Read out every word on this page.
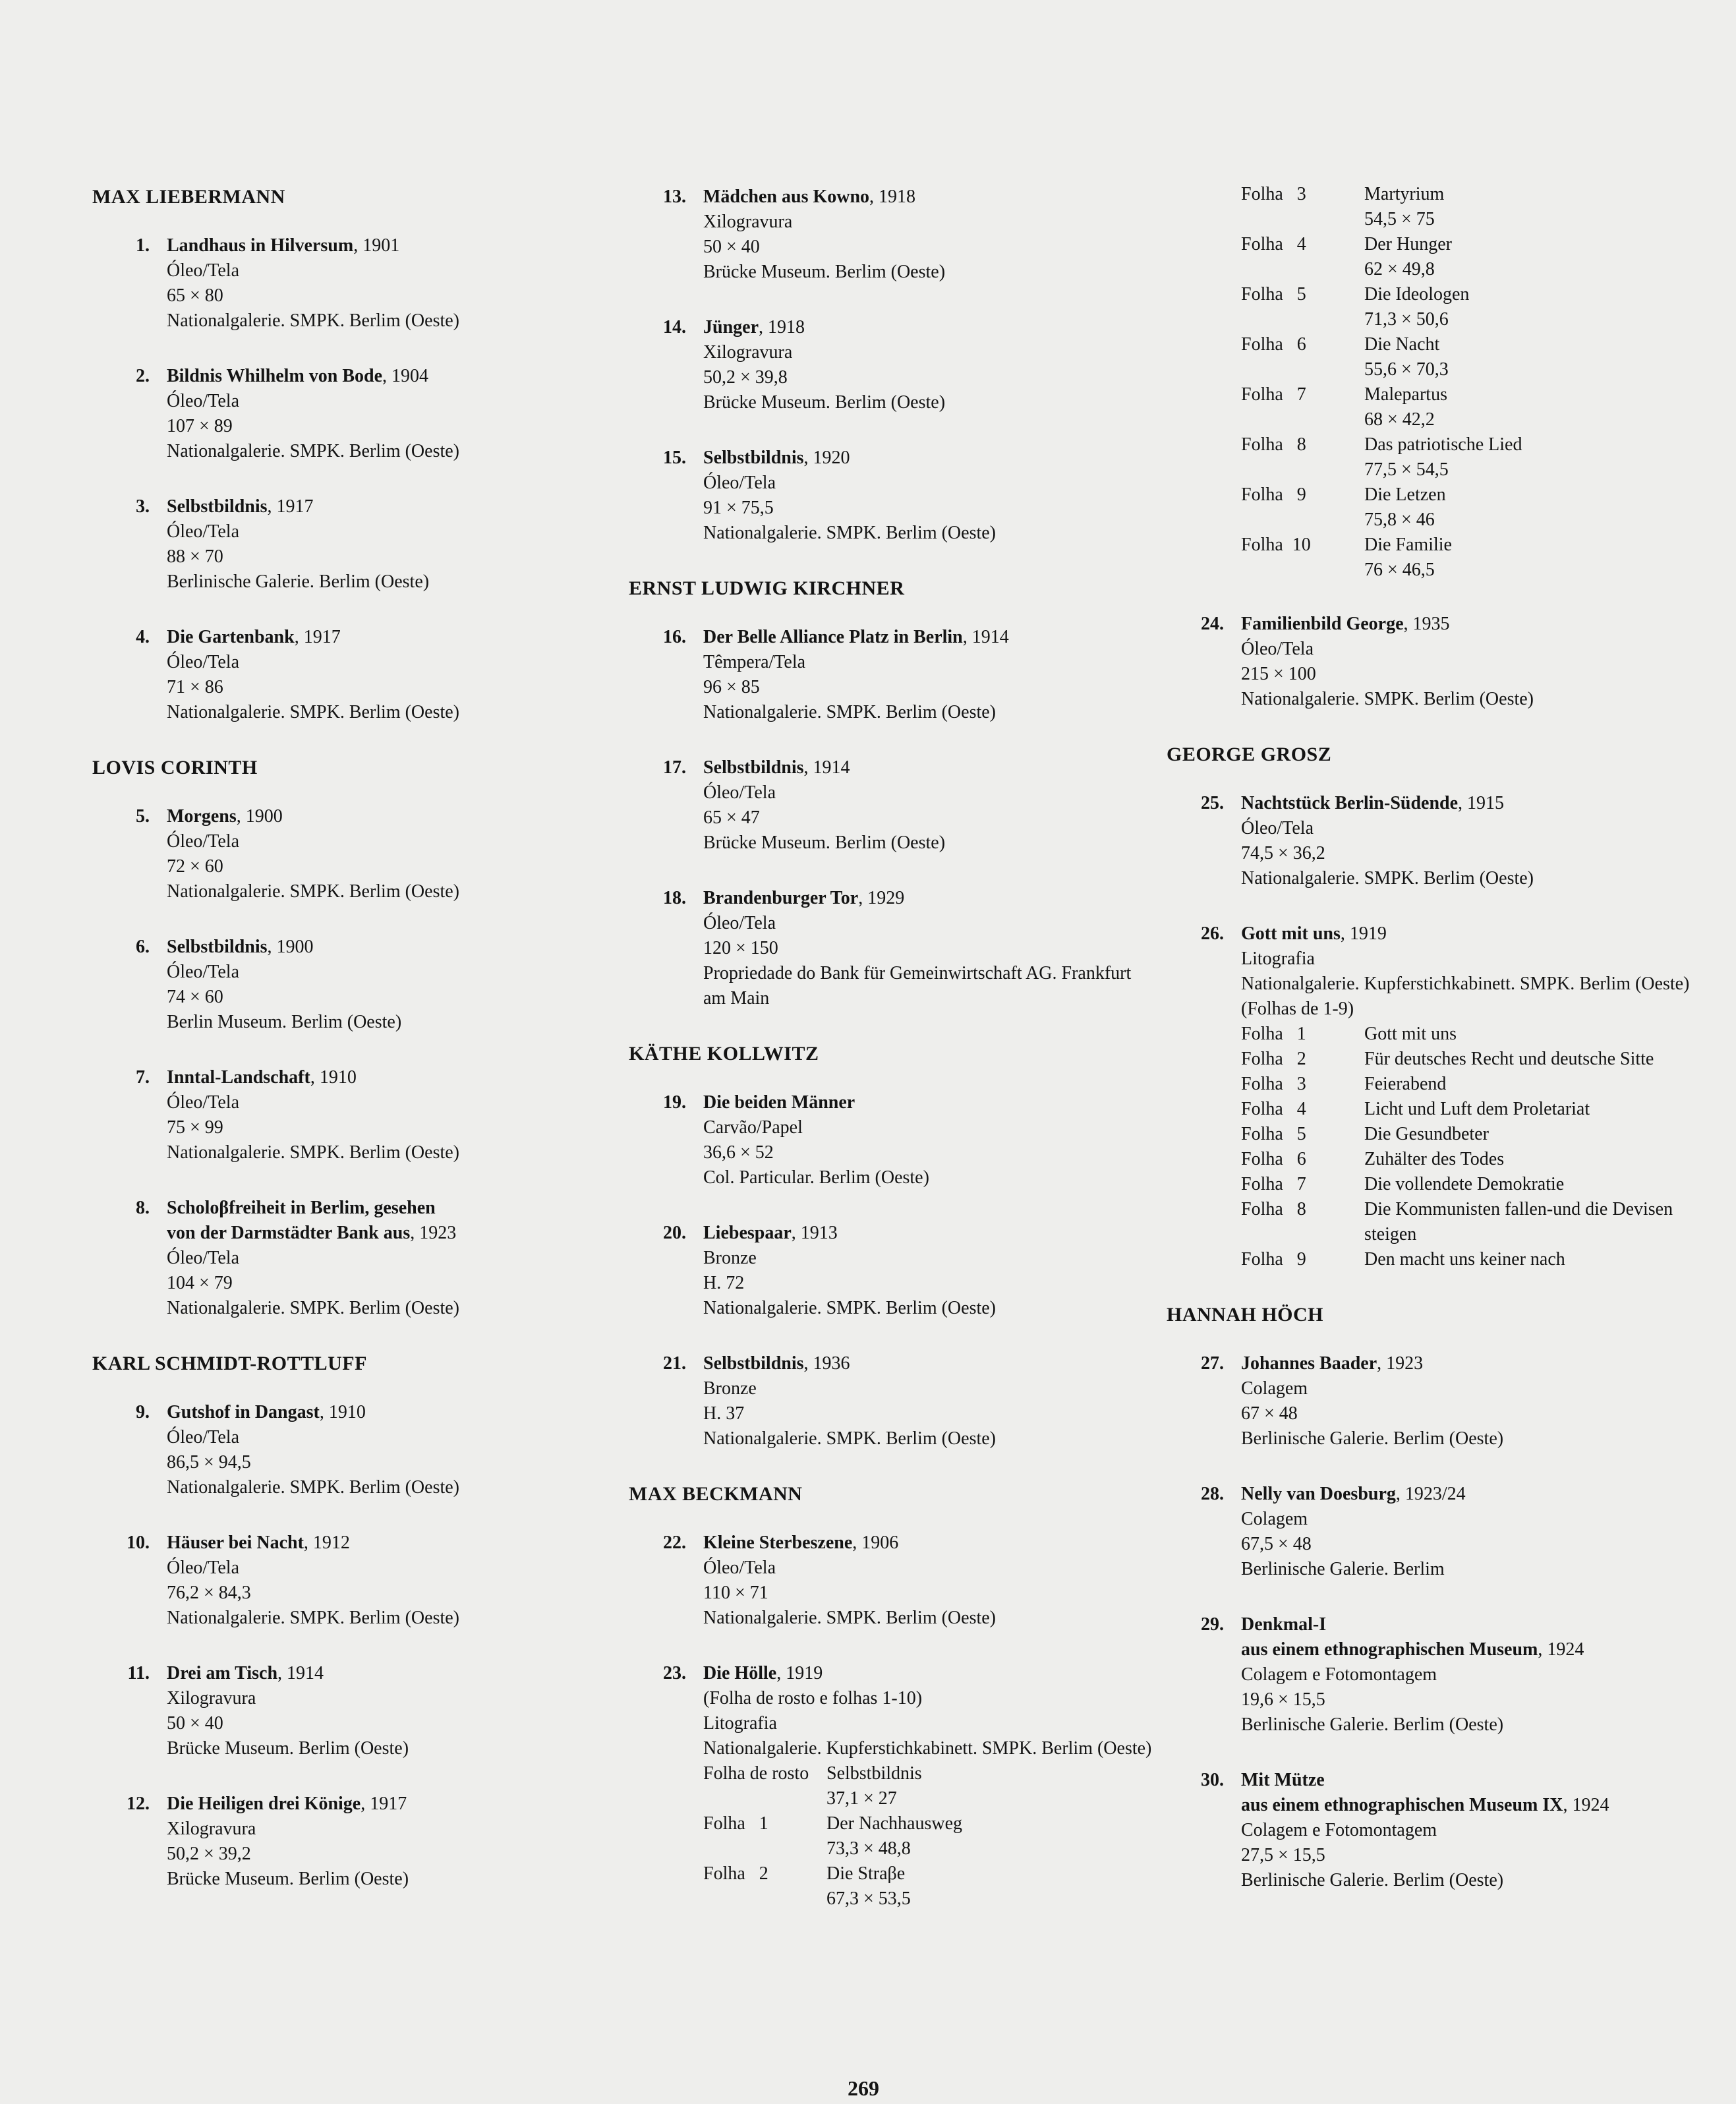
MAX LIEBERMANN
1. Landhaus in Hilversum, 1901
Óleo/Tela
65 × 80
Nationalgalerie. SMPK. Berlim (Oeste)
2. Bildnis Whilhelm von Bode, 1904
Óleo/Tela
107 × 89
Nationalgalerie. SMPK. Berlim (Oeste)
3. Selbstbildnis, 1917
Óleo/Tela
88 × 70
Berlinische Galerie. Berlim (Oeste)
4. Die Gartenbank, 1917
Óleo/Tela
71 × 86
Nationalgalerie. SMPK. Berlim (Oeste)
LOVIS CORINTH
5. Morgens, 1900
Óleo/Tela
72 × 60
Nationalgalerie. SMPK. Berlim (Oeste)
6. Selbstbildnis, 1900
Óleo/Tela
74 × 60
Berlin Museum. Berlim (Oeste)
7. Inntal-Landschaft, 1910
Óleo/Tela
75 × 99
Nationalgalerie. SMPK. Berlim (Oeste)
8. Scholoβfreiheit in Berlim, gesehen
von der Darmstädter Bank aus, 1923
Óleo/Tela
104 × 79
Nationalgalerie. SMPK. Berlim (Oeste)
KARL SCHMIDT-ROTTLUFF
9. Gutshof in Dangast, 1910
Óleo/Tela
86,5 × 94,5
Nationalgalerie. SMPK. Berlim (Oeste)
10. Häuser bei Nacht, 1912
Óleo/Tela
76,2 × 84,3
Nationalgalerie. SMPK. Berlim (Oeste)
11. Drei am Tisch, 1914
Xilogravura
50 × 40
Brücke Museum. Berlim (Oeste)
12. Die Heiligen drei Könige, 1917
Xilogravura
50,2 × 39,2
Brücke Museum. Berlim (Oeste)
13. Mädchen aus Kowno, 1918
Xilogravura
50 × 40
Brücke Museum. Berlim (Oeste)
14. Jünger, 1918
Xilogravura
50,2 × 39,8
Brücke Museum. Berlim (Oeste)
15. Selbstbildnis, 1920
Óleo/Tela
91 × 75,5
Nationalgalerie. SMPK. Berlim (Oeste)
ERNST LUDWIG KIRCHNER
16. Der Belle Alliance Platz in Berlin, 1914
Têmpera/Tela
96 × 85
Nationalgalerie. SMPK. Berlim (Oeste)
17. Selbstbildnis, 1914
Óleo/Tela
65 × 47
Brücke Museum. Berlim (Oeste)
18. Brandenburger Tor, 1929
Óleo/Tela
120 × 150
Propriedade do Bank für Gemeinwirtschaft AG. Frankfurt
am Main
KÄTHE KOLLWITZ
19. Die beiden Männer
Carvão/Papel
36,6 × 52
Col. Particular. Berlim (Oeste)
20. Liebespaar, 1913
Bronze
H. 72
Nationalgalerie. SMPK. Berlim (Oeste)
21. Selbstbildnis, 1936
Bronze
H. 37
Nationalgalerie. SMPK. Berlim (Oeste)
MAX BECKMANN
22. Kleine Sterbeszene, 1906
Óleo/Tela
110 × 71
Nationalgalerie. SMPK. Berlim (Oeste)
23. Die Hölle, 1919
(Folha de rosto e folhas 1-10)
Litografia
Nationalgalerie. Kupferstichkabinett. SMPK. Berlim (Oeste)
Folha de rosto Selbstbildnis
37,1 × 27
Folha   1	Der Nachhausweg
73,3 × 48,8
Folha   2	Die Straβe
67,3 × 53,5
Folha   3	Martyrium
54,5 × 75
Folha   4	Der Hunger
62 × 49,8
Folha   5	Die Ideologen
71,3 × 50,6
Folha   6	Die Nacht
55,6 × 70,3
Folha   7	Malepartus
68 × 42,2
Folha   8	Das patriotische Lied
77,5 × 54,5
Folha   9	Die Letzen
75,8 × 46
Folha  10	Die Familie
76 × 46,5
24. Familienbild George, 1935
Óleo/Tela
215 × 100
Nationalgalerie. SMPK. Berlim (Oeste)
GEORGE GROSZ
25. Nachtstück Berlin-Südende, 1915
Óleo/Tela
74,5 × 36,2
Nationalgalerie. SMPK. Berlim (Oeste)
26. Gott mit uns, 1919
Litografia
Nationalgalerie. Kupferstichkabinett. SMPK. Berlim (Oeste)
(Folhas de 1-9)
Folha   1	Gott mit uns
Folha   2	Für deutsches Recht und deutsche Sitte
Folha   3	Feierabend
Folha   4	Licht und Luft dem Proletariat
Folha   5	Die Gesundbeter
Folha   6	Zuhälter des Todes
Folha   7	Die vollendete Demokratie
Folha   8	Die Kommunisten fallen-und die Devisen
steigen
Folha   9	Den macht uns keiner nach
HANNAH HÖCH
27. Johannes Baader, 1923
Colagem
67 × 48
Berlinische Galerie. Berlim (Oeste)
28. Nelly van Doesburg, 1923/24
Colagem
67,5 × 48
Berlinische Galerie. Berlim
29. Denkmal-I
aus einem ethnographischen Museum, 1924
Colagem e Fotomontagem
19,6 × 15,5
Berlinische Galerie. Berlim (Oeste)
30. Mit Mütze
aus einem ethnographischen Museum IX, 1924
Colagem e Fotomontagem
27,5 × 15,5
Berlinische Galerie. Berlim (Oeste)
269
